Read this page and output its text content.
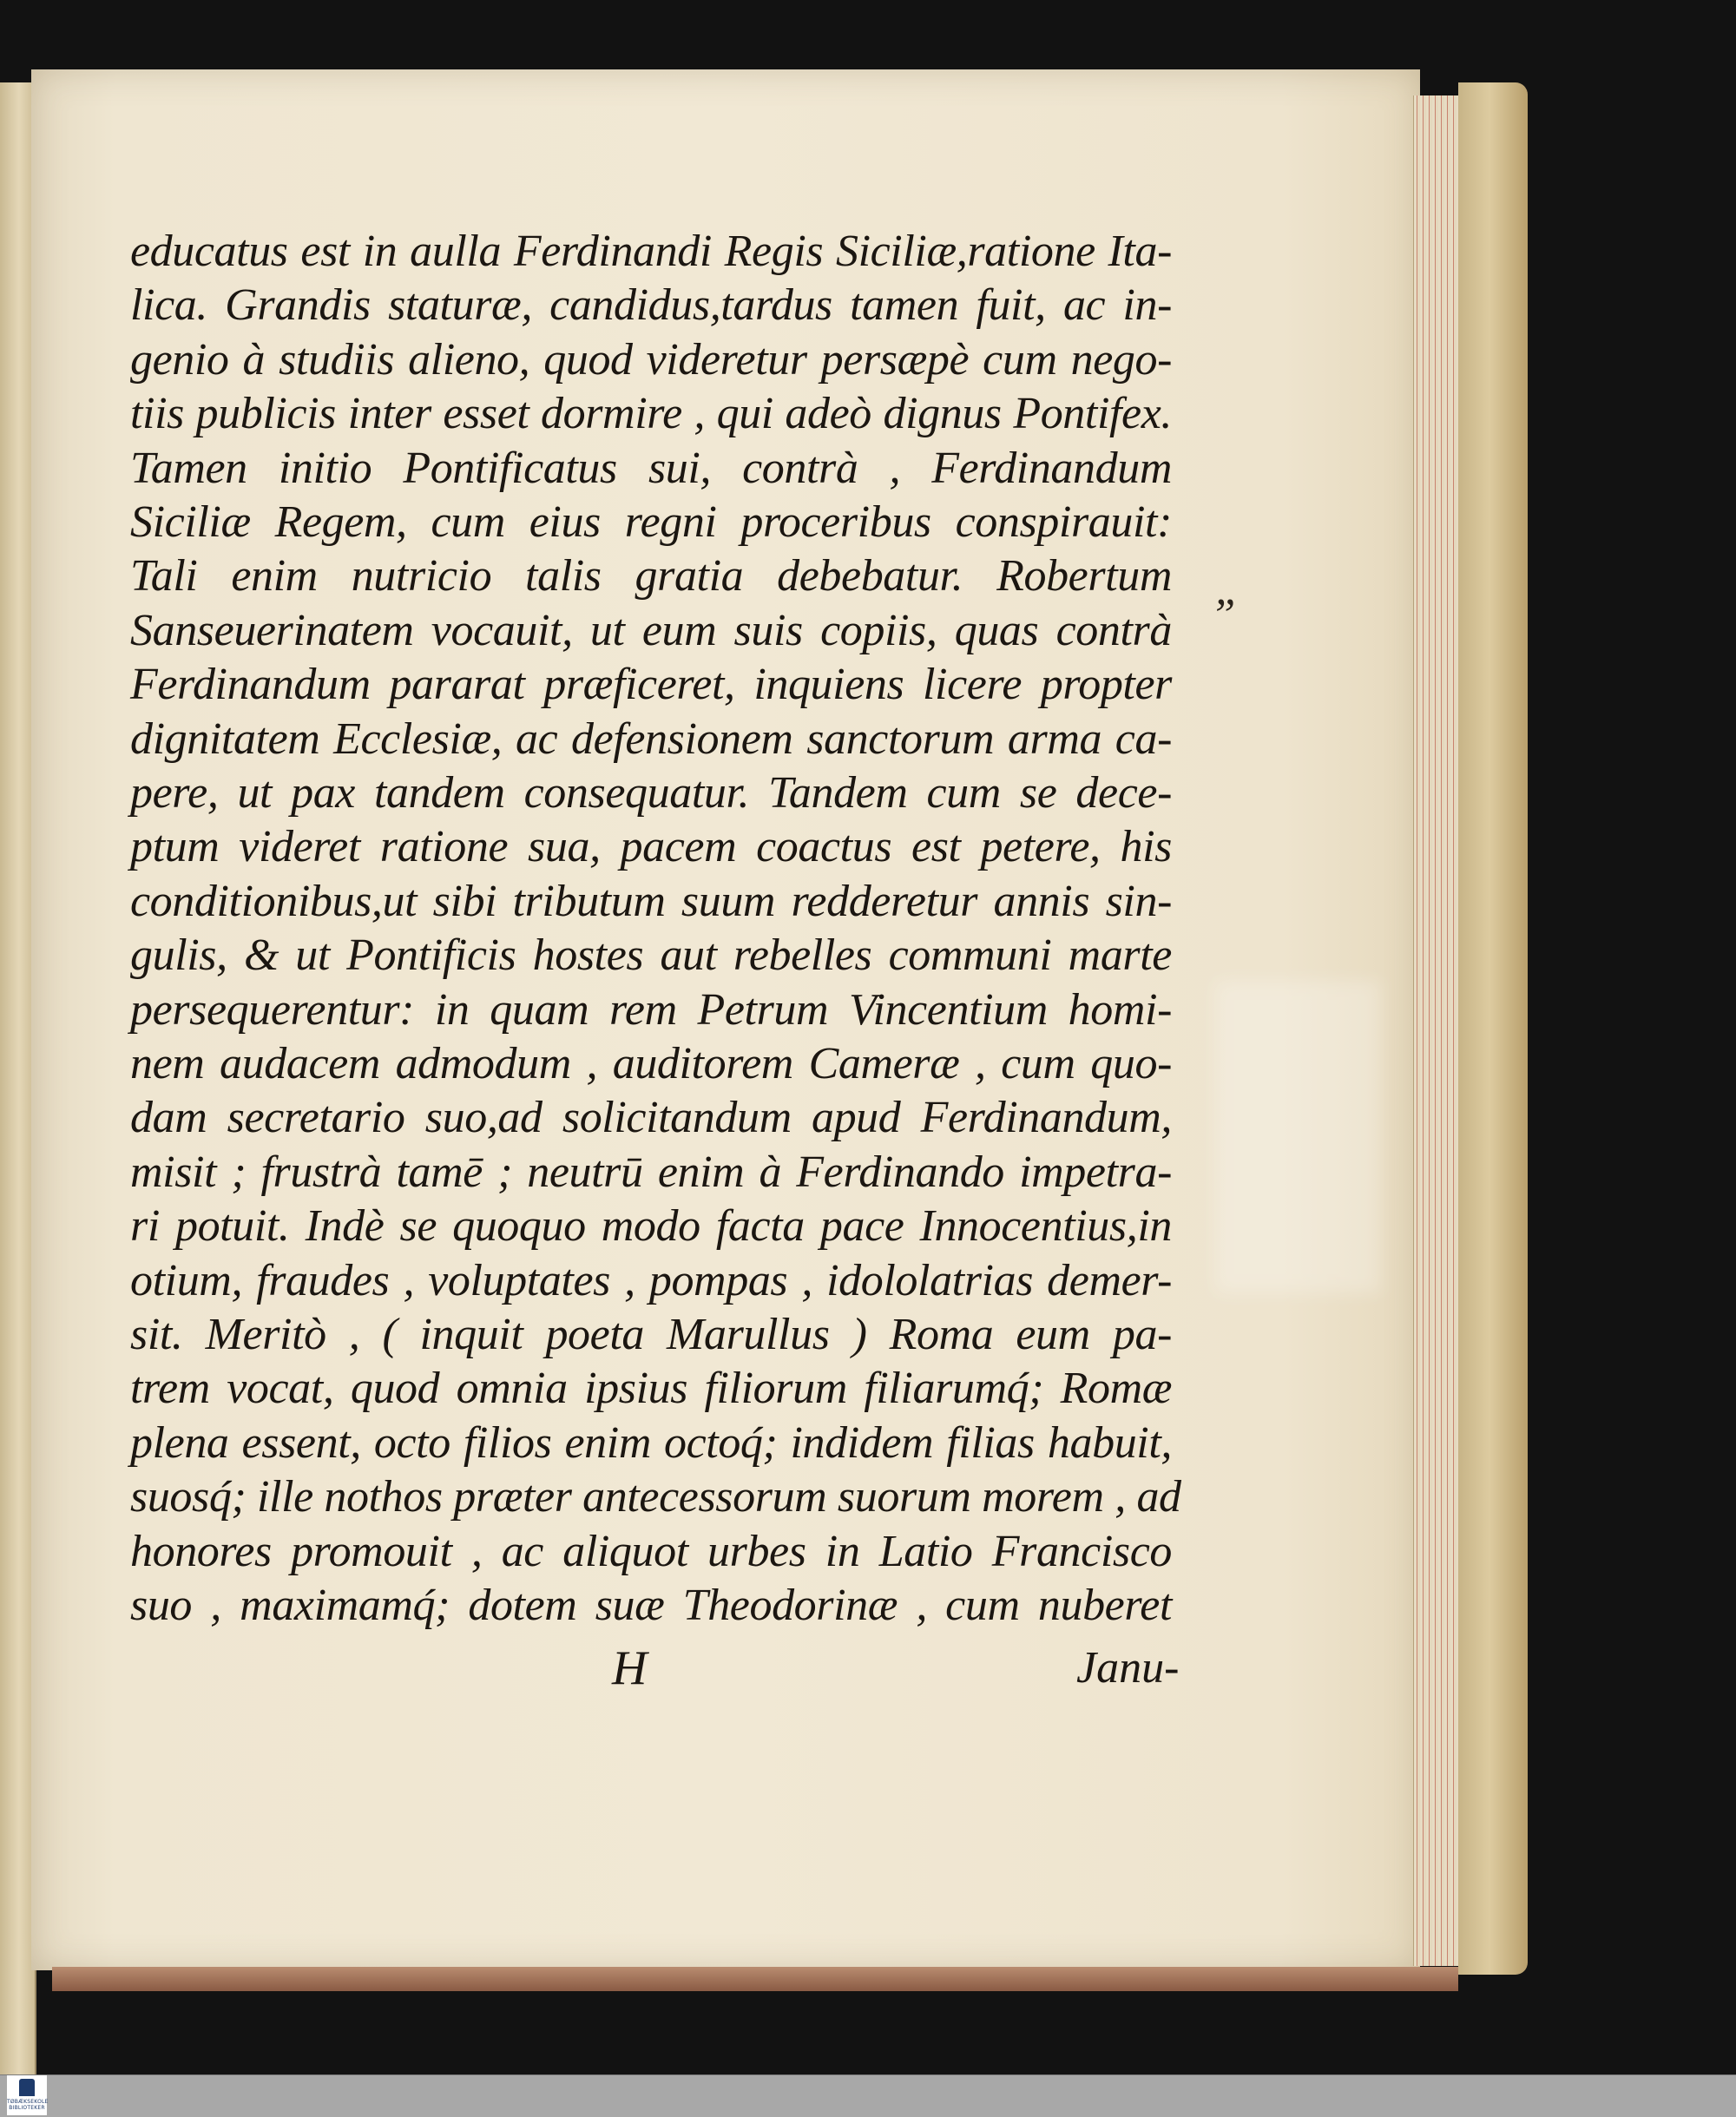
educatus est in aulla Ferdinandi Regis Siciliæ,ratione Ita-
lica. Grandis staturæ, candidus,tardus tamen fuit, ac in-
genio à studiis alieno, quod videretur persæpè cum nego-
tiis publicis inter esset dormire , qui adeò dignus Pontifex.
Tamen initio Pontificatus sui, contrà , Ferdinandum
Siciliæ Regem, cum eius regni proceribus conspirauit:
Tali enim nutricio talis gratia debebatur. Robertum
Sanseuerinatem vocauit, ut eum suis copiis, quas contrà
Ferdinandum pararat præficeret, inquiens licere propter
dignitatem Ecclesiæ, ac defensionem sanctorum arma ca-
pere, ut pax tandem consequatur. Tandem cum se dece-
ptum videret ratione sua, pacem coactus est petere, his
conditionibus,ut sibi tributum suum redderetur annis sin-
gulis, & ut Pontificis hostes aut rebelles communi marte
persequerentur: in quam rem Petrum Vincentium homi-
nem audacem admodum , auditorem Cameræ , cum quo-
dam secretario suo,ad solicitandum apud Ferdinandum,
misit ; frustrà tamē ; neutrū enim à Ferdinando impetra-
ri potuit. Indè se quoquo modo facta pace Innocentius,in
otium, fraudes , voluptates , pompas , idololatrias demer-
sit. Meritò , ( inquit poeta Marullus ) Roma eum pa-
trem vocat, quod omnia ipsius filiorum filiarumq́; Romæ
plena essent, octo filios enim octoq́; indidem filias habuit,
suosq́; ille nothos præter antecessorum suorum morem , ad
honores promouit , ac aliquot urbes in Latio Francisco
suo , maximamq́; dotem suæ Theodorinæ , cum nuberet
„
H	Janu-
TØBÆKSEKOLE
BIBLIOTEKER
